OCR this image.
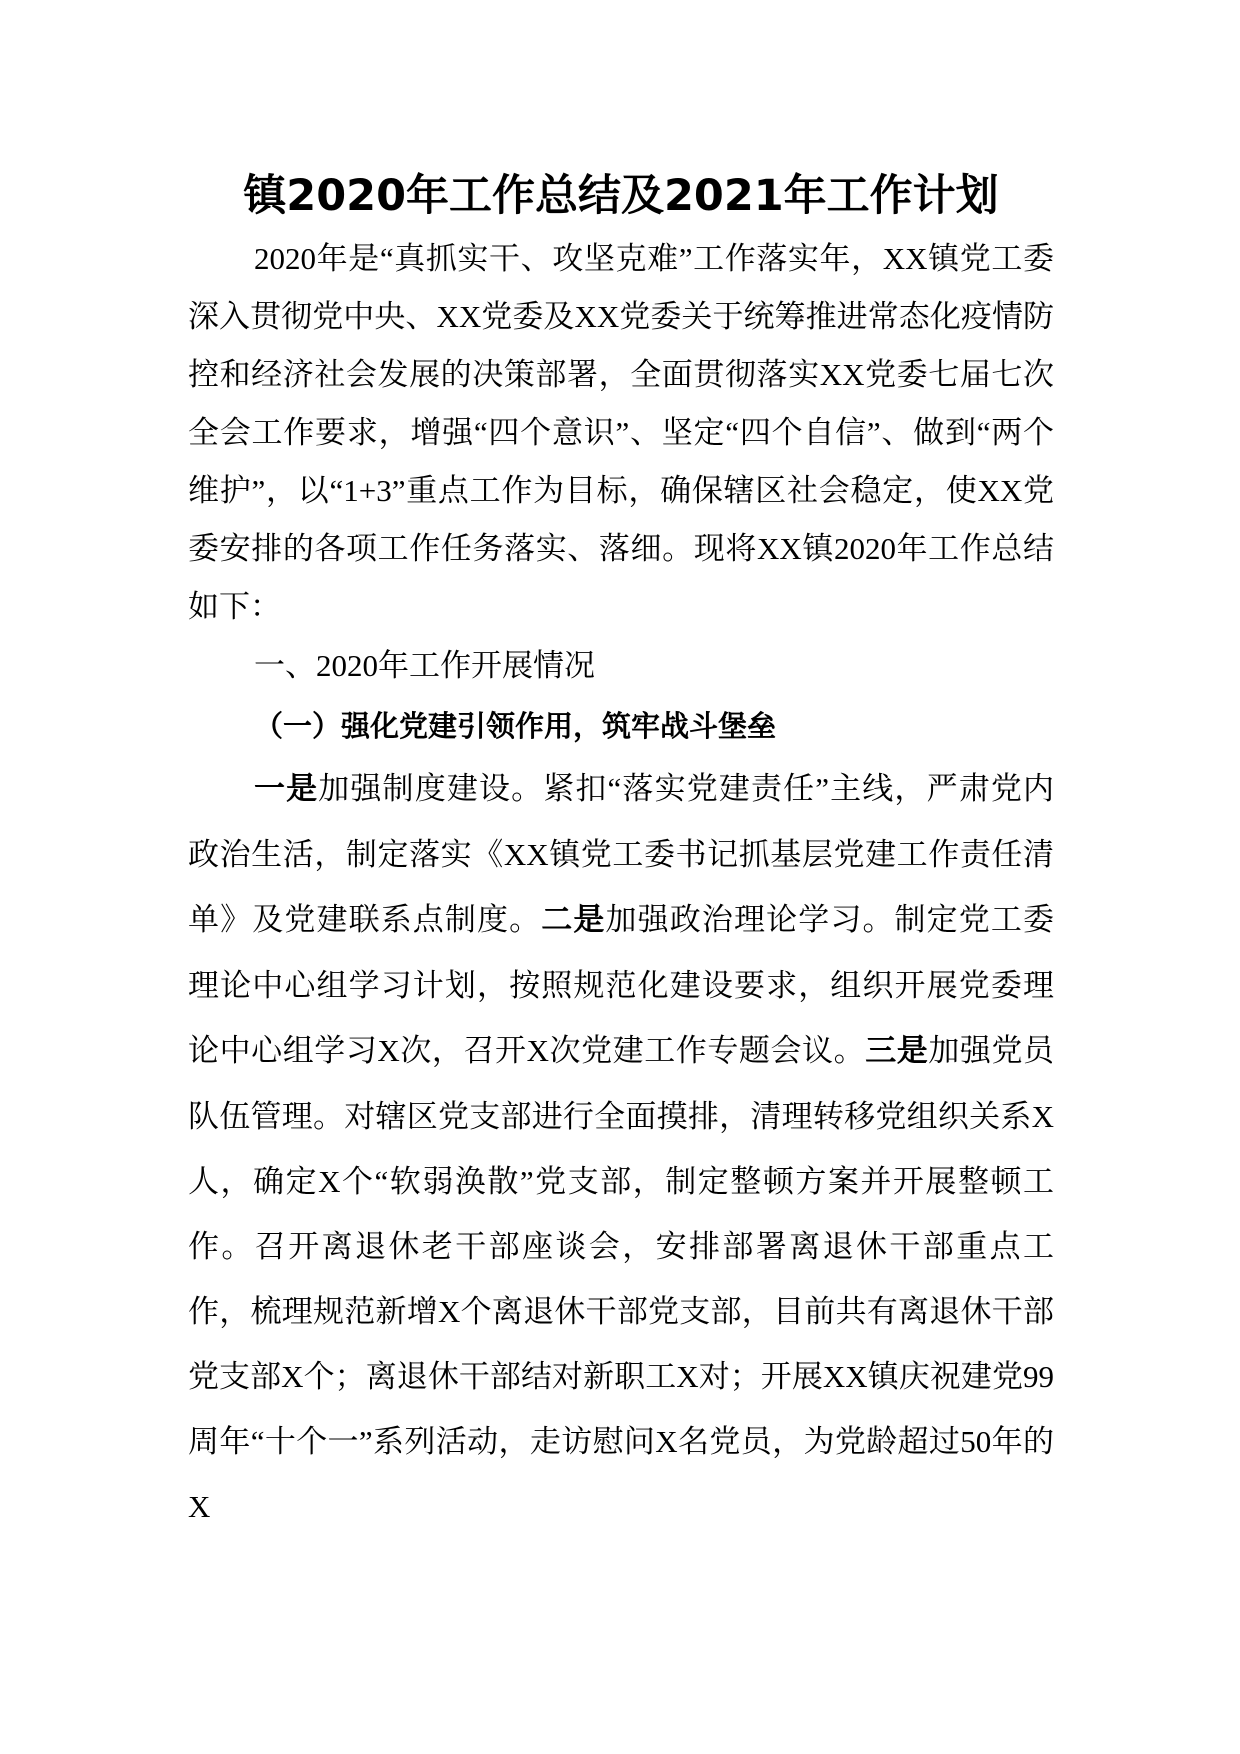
镇2020年工作总结及2021年工作计划

2020年是“真抓实干、攻坚克难”工作落实年，XX镇党工委深入贯彻党中央、XX党委及XX党委关于统筹推进常态化疫情防控和经济社会发展的决策部署，全面贯彻落实XX党委七届七次全会工作要求，增强“四个意识”、坚定“四个自信”、做到“两个维护”，以“1+3”重点工作为目标，确保辖区社会稳定，使XX党委安排的各项工作任务落实、落细。现将XX镇2020年工作总结如下：

一、2020年工作开展情况

（一）强化党建引领作用，筑牢战斗堡垒

一是加强制度建设。紧扣“落实党建责任”主线，严肃党内政治生活，制定落实《XX镇党工委书记抓基层党建工作责任清单》及党建联系点制度。二是加强政治理论学习。制定党工委理论中心组学习计划，按照规范化建设要求，组织开展党委理论中心组学习X次，召开X次党建工作专题会议。三是加强党员队伍管理。对辖区党支部进行全面摸排，清理转移党组织关系X人，确定X个“软弱涣散”党支部，制定整顿方案并开展整顿工作。召开离退休老干部座谈会，安排部署离退休干部重点工作，梳理规范新增X个离退休干部党支部，目前共有离退休干部党支部X个；离退休干部结对新职工X对；开展XX镇庆祝建党99周年“十个一”系列活动，走访慰问X名党员，为党龄超过50年的X
